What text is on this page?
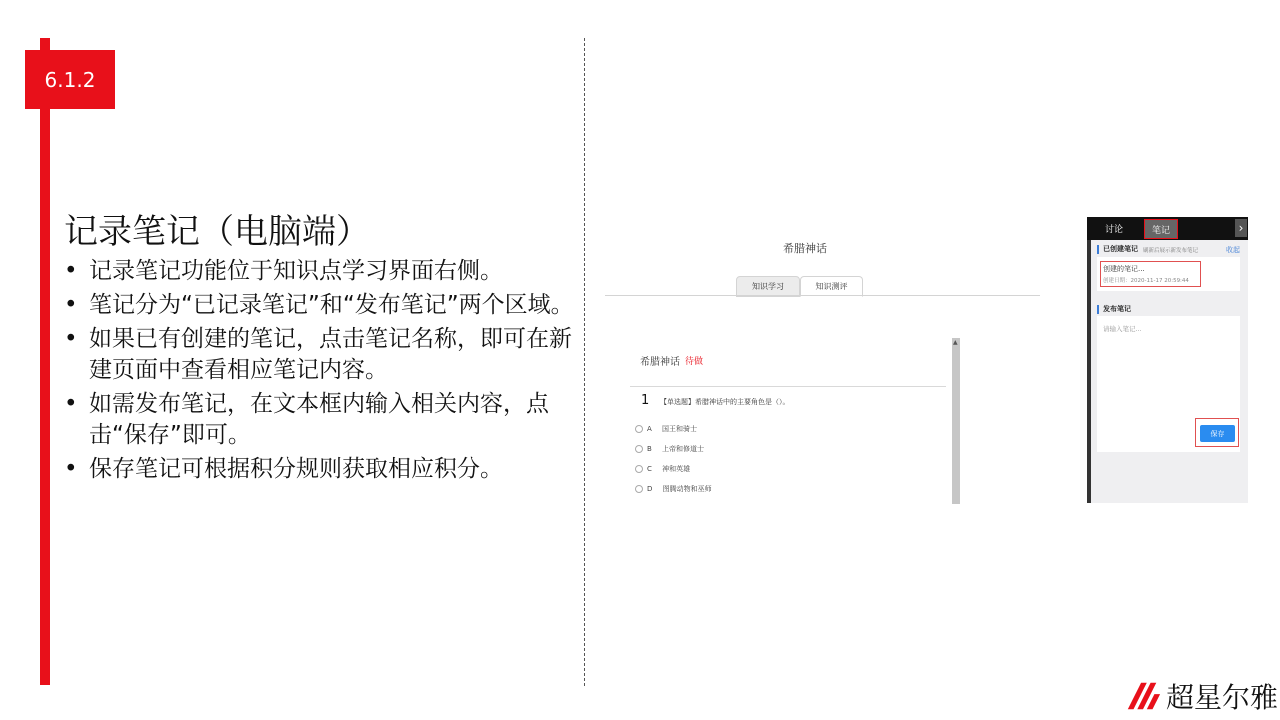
6.1.2
记录笔记（电脑端）
• 记录笔记功能位于知识点学习界面右侧。
• 笔记分为“已记录笔记”和“发布笔记”两个区域。
• 如果已有创建的笔记，点击笔记名称，即可在新建页面中查看相应笔记内容。
• 如需发布笔记，在文本框内输入相关内容，点击“保存”即可。
• 保存笔记可根据积分规则获取相应积分。
希腊神话
知识学习	知识测评
▲
希腊神话 待做
1 【单选题】希腊神话中的主要角色是（）。
A
国王和骑士
B
上帝和修道士
C
神和英雄
D
图腾动物和巫师
讨论	笔记	›
已创建笔记 刷新后展示新发布笔记	收起
创建的笔记...
创建日期：2020-11-17 20:59:44
发布笔记
请输入笔记...
保存
超星尔雅
